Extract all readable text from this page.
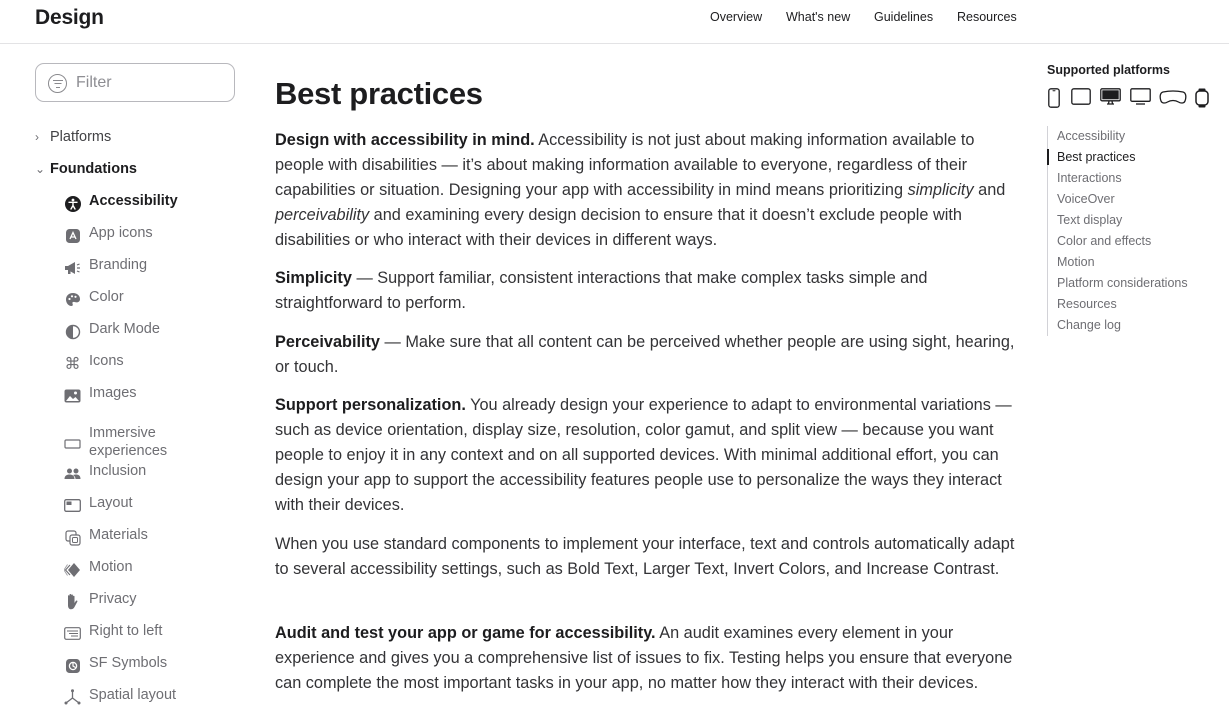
Design	Overview What's new Guidelines Resources
Filter
› Platforms
⌄ Foundations
Accessibility
App icons
Branding
Color
Dark Mode
⌘ Icons
Images
Immersive experiences
Inclusion
Layout
Materials
Motion
Privacy
Right to left
SF Symbols
Spatial layout
Best practices

Design with accessibility in mind. Accessibility is not just about making information available to people with disabilities — it’s about making information available to everyone, regardless of their capabilities or situation. Designing your app with accessibility in mind means prioritizing simplicity and perceivability and examining every design decision to ensure that it doesn’t exclude people with disabilities or who interact with their devices in different ways.

Simplicity — Support familiar, consistent interactions that make complex tasks simple and straightforward to perform.

Perceivability — Make sure that all content can be perceived whether people are using sight, hearing, or touch.

Support personalization. You already design your experience to adapt to environmental variations — such as device orientation, display size, resolution, color gamut, and split view — because you want people to enjoy it in any context and on all supported devices. With minimal additional effort, you can design your app to support the accessibility features people use to personalize the ways they interact with their devices.

When you use standard components to implement your interface, text and controls automatically adapt to several accessibility settings, such as Bold Text, Larger Text, Invert Colors, and Increase Contrast.

Audit and test your app or game for accessibility. An audit examines every element in your experience and gives you a comprehensive list of issues to fix. Testing helps you ensure that everyone can complete the most important tasks in your app, no matter how they interact with their devices.

Supported platforms
Accessibility
Best practices
Interactions
VoiceOver
Text display
Color and effects
Motion
Platform considerations
Resources
Change log
